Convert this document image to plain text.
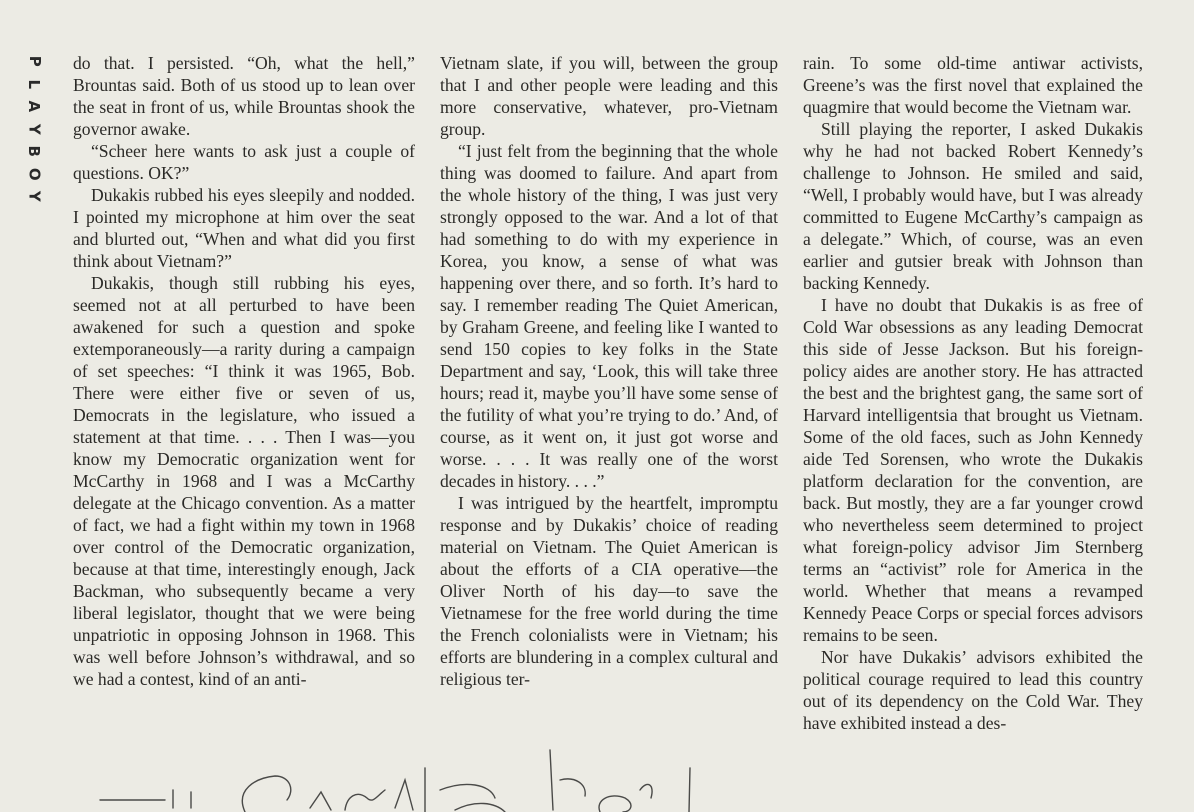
P
L
A
Y
B
O
Y

do that. I persisted. “Oh, what the hell,” Brountas said. Both of us stood up to lean over the seat in front of us, while Brountas shook the governor awake.

“Scheer here wants to ask just a couple of questions. OK?”

Dukakis rubbed his eyes sleepily and nodded. I pointed my microphone at him over the seat and blurted out, “When and what did you first think about Vietnam?”

Dukakis, though still rubbing his eyes, seemed not at all perturbed to have been awakened for such a question and spoke extemporaneously—a rarity during a campaign of set speeches: “I think it was 1965, Bob. There were either five or seven of us, Democrats in the legislature, who issued a statement at that time. . . . Then I was—you know my Democratic organization went for McCarthy in 1968 and I was a McCarthy delegate at the Chicago convention. As a matter of fact, we had a fight within my town in 1968 over control of the Democratic organization, because at that time, interestingly enough, Jack Backman, who subsequently became a very liberal legislator, thought that we were being unpatriotic in opposing Johnson in 1968. This was well before Johnson’s withdrawal, and so we had a contest, kind of an anti-

Vietnam slate, if you will, between the group that I and other people were leading and this more conservative, whatever, pro-Vietnam group.

“I just felt from the beginning that the whole thing was doomed to failure. And apart from the whole history of the thing, I was just very strongly opposed to the war. And a lot of that had something to do with my experience in Korea, you know, a sense of what was happening over there, and so forth. It’s hard to say. I remember reading The Quiet American, by Graham Greene, and feeling like I wanted to send 150 copies to key folks in the State Department and say, ‘Look, this will take three hours; read it, maybe you’ll have some sense of the futility of what you’re trying to do.’ And, of course, as it went on, it just got worse and worse. . . . It was really one of the worst decades in history. . . .”

I was intrigued by the heartfelt, impromptu response and by Dukakis’ choice of reading material on Vietnam. The Quiet American is about the efforts of a CIA operative—the Oliver North of his day—to save the Vietnamese for the free world during the time the French colonialists were in Vietnam; his efforts are blundering in a complex cultural and religious ter-

rain. To some old-time antiwar activists, Greene’s was the first novel that explained the quagmire that would become the Vietnam war.

Still playing the reporter, I asked Dukakis why he had not backed Robert Kennedy’s challenge to Johnson. He smiled and said, “Well, I probably would have, but I was already committed to Eugene McCarthy’s campaign as a delegate.” Which, of course, was an even earlier and gutsier break with Johnson than backing Kennedy.

I have no doubt that Dukakis is as free of Cold War obsessions as any leading Democrat this side of Jesse Jackson. But his foreign-policy aides are another story. He has attracted the best and the brightest gang, the same sort of Harvard intelligentsia that brought us Vietnam. Some of the old faces, such as John Kennedy aide Ted Sorensen, who wrote the Dukakis platform declaration for the convention, are back. But mostly, they are a far younger crowd who nevertheless seem determined to project what foreign-policy advisor Jim Sternberg terms an “activist” role for America in the world. Whether that means a revamped Kennedy Peace Corps or special forces advisors remains to be seen.

Nor have Dukakis’ advisors exhibited the political courage required to lead this country out of its dependency on the Cold War. They have exhibited instead a des-
